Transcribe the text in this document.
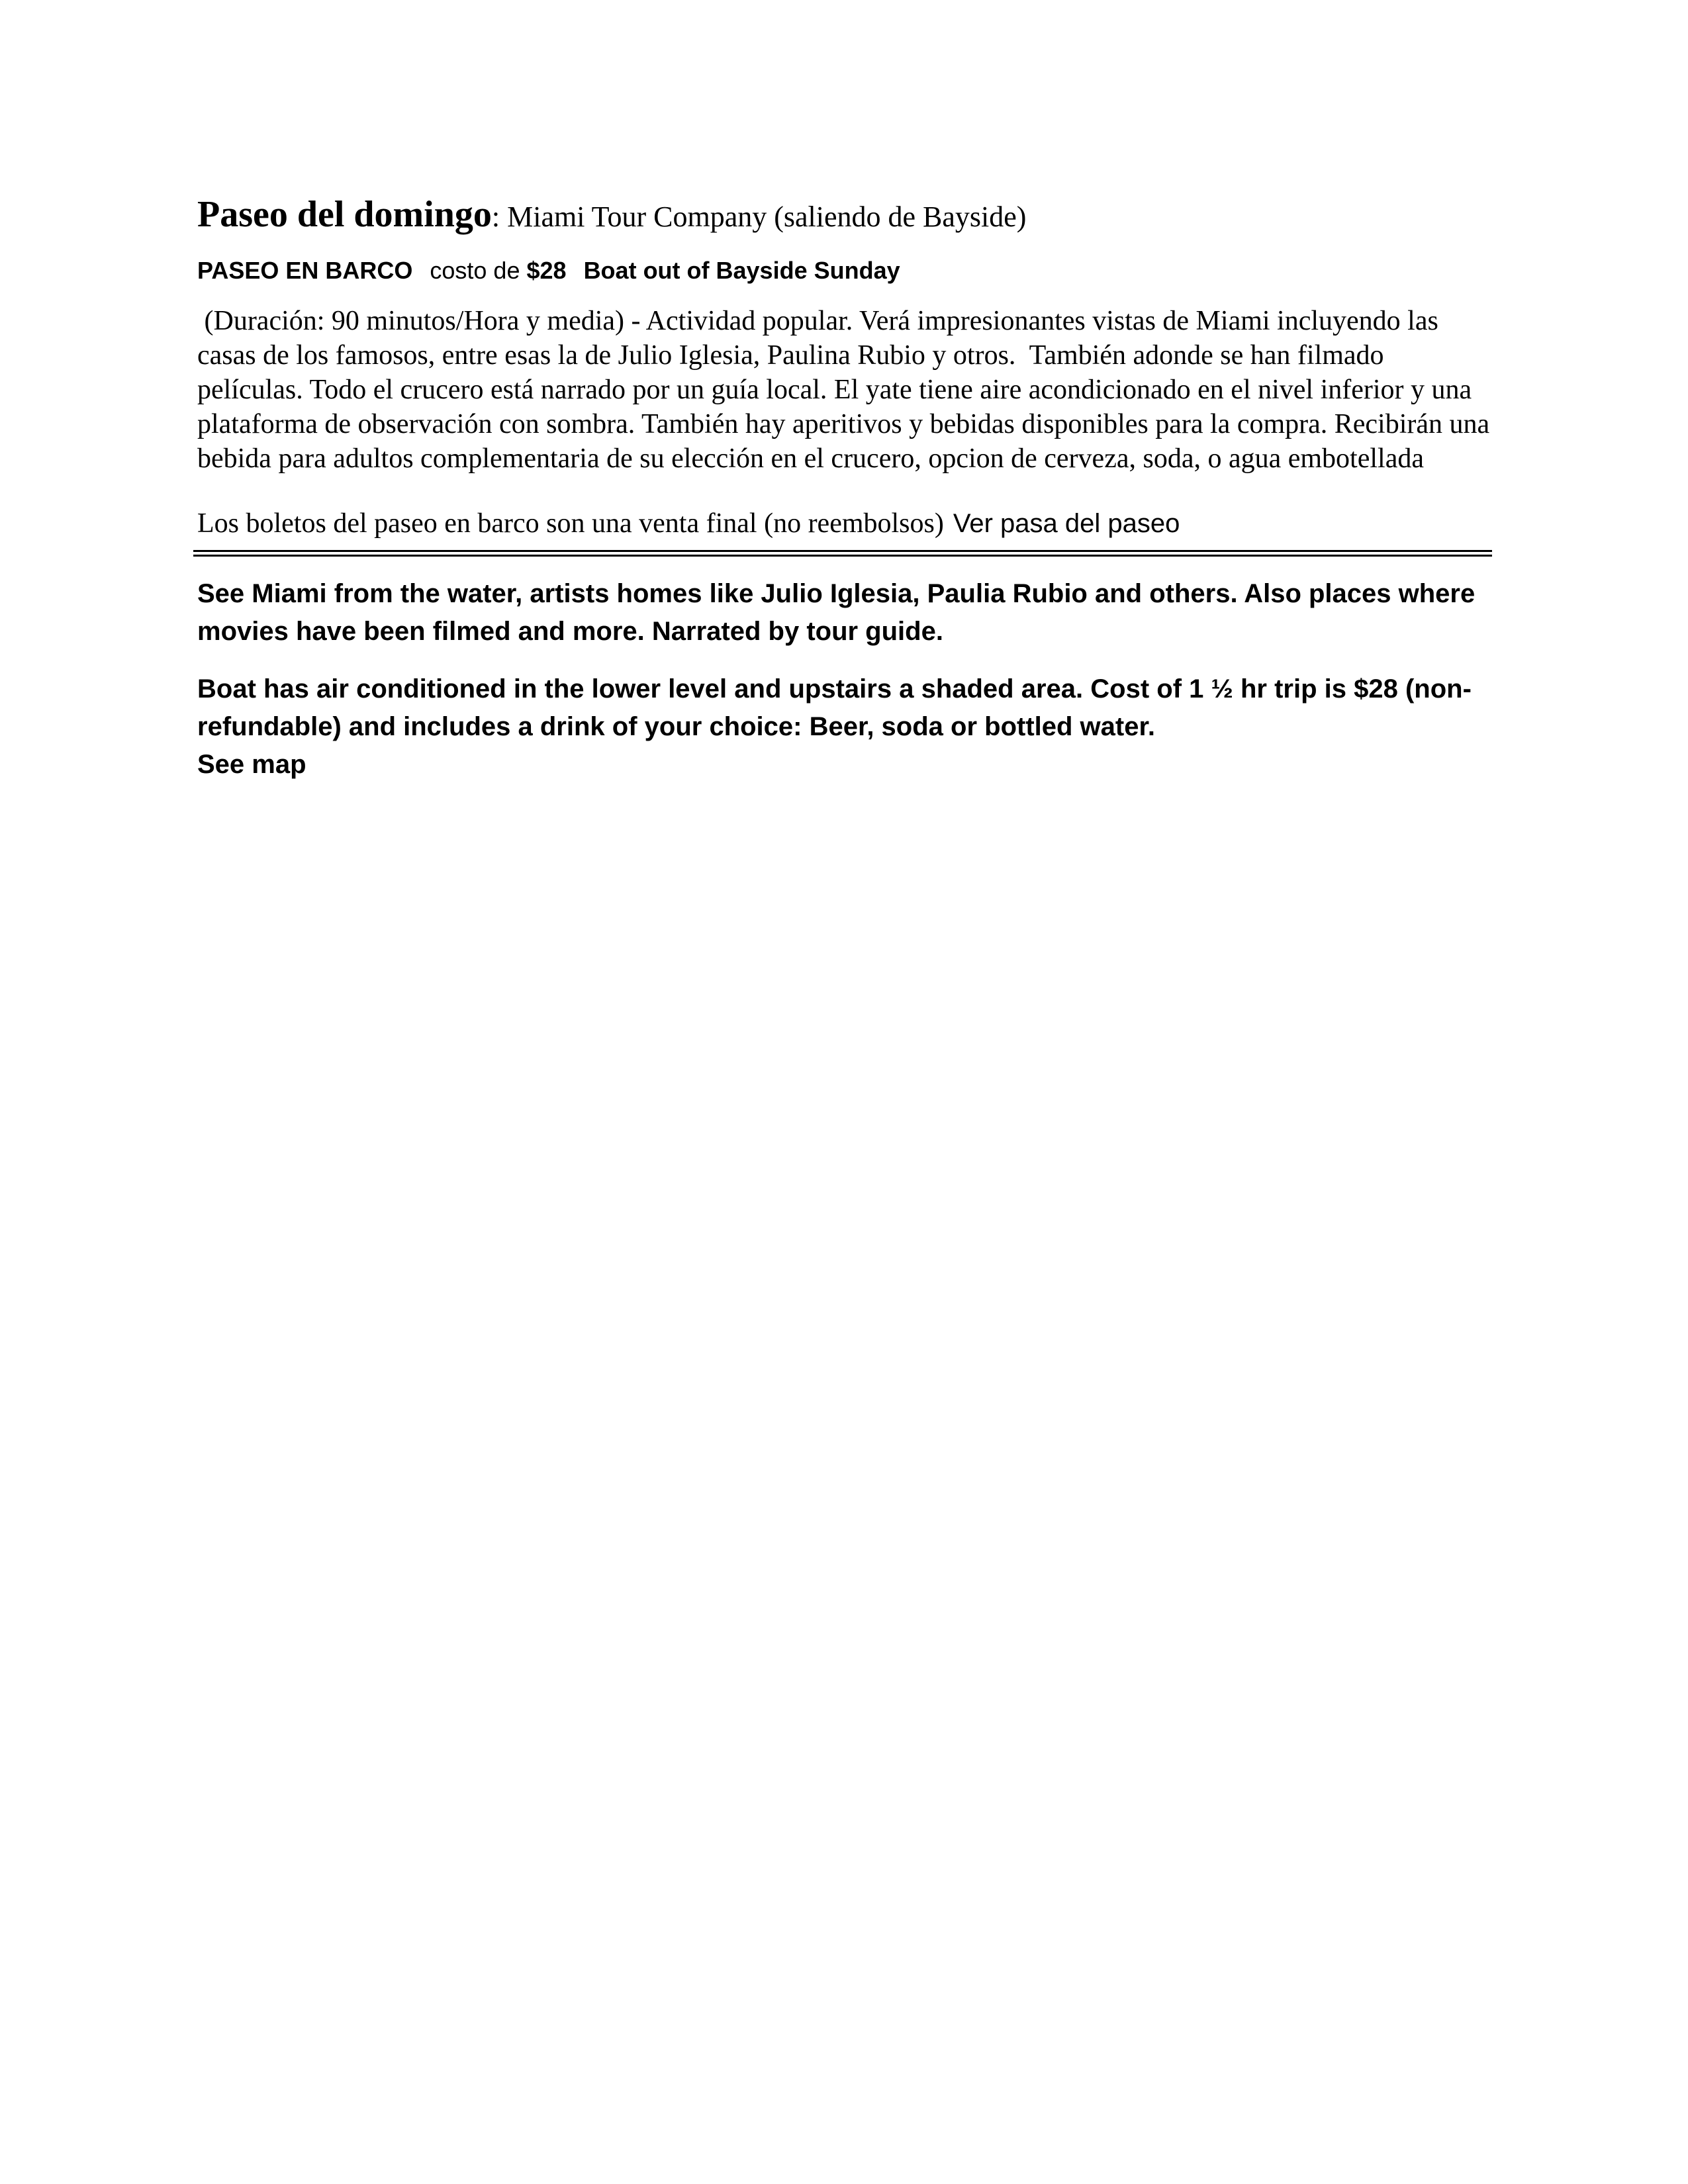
Paseo del domingo: Miami Tour Company (saliendo de Bayside)

PASEO EN BARCO costo de $28 Boat out of Bayside Sunday
(Duración: 90 minutos/Hora y media) - Actividad popular. Verá impresionantes vistas de Miami incluyendo las casas de los famosos, entre esas la de Julio Iglesia, Paulina Rubio y otros.  También adonde se han filmado películas. Todo el crucero está narrado por un guía local. El yate tiene aire acondicionado en el nivel inferior y una plataforma de observación con sombra. También hay aperitivos y bebidas disponibles para la compra. Recibirán una bebida para adultos complementaria de su elección en el crucero, opcion de cerveza, soda, o agua embotellada
Los boletos del paseo en barco son una venta final (no reembolsos) Ver pasa del paseo

See Miami from the water, artists homes like Julio Iglesia, Paulia Rubio and others. Also places where movies have been filmed and more. Narrated by tour guide.

Boat has air conditioned in the lower level and upstairs a shaded area. Cost of 1 ½ hr trip is $28 (non-refundable) and includes a drink of your choice: Beer, soda or bottled water.
See map
